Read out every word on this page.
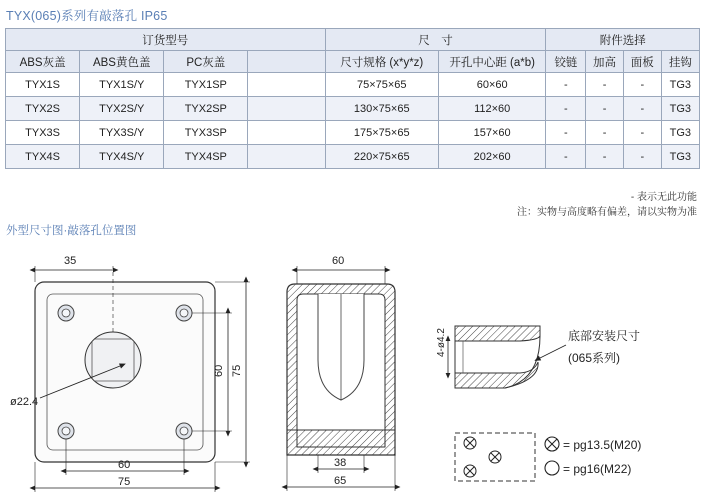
TYX(065)系列有敲落孔 IP65
订货型号				尺　寸		附件选择			
ABS灰盖	ABS黄色盖	PC灰盖		尺寸规格 (x*y*z)	开孔中心距 (a*b)	铰链	加高	面板	挂钩
TYX1S	TYX1S/Y	TYX1SP		75×75×65	60×60	-	-	-	TG3
TYX2S	TYX2S/Y	TYX2SP		130×75×65	112×60	-	-	-	TG3
TYX3S	TYX3S/Y	TYX3SP		175×75×65	157×60	-	-	-	TG3
TYX4S	TYX4S/Y	TYX4SP		220×75×65	202×60	-	-	-	TG3
- 表示无此功能
注：实物与高度略有偏差，请以实物为准
外型尺寸图·敲落孔位置图
ø22.4
35
60
75
60 75
60
38
65
4-ø4.2	底部安装尺寸
(065系列)
= pg13.5(M20)
= pg16(M22)
